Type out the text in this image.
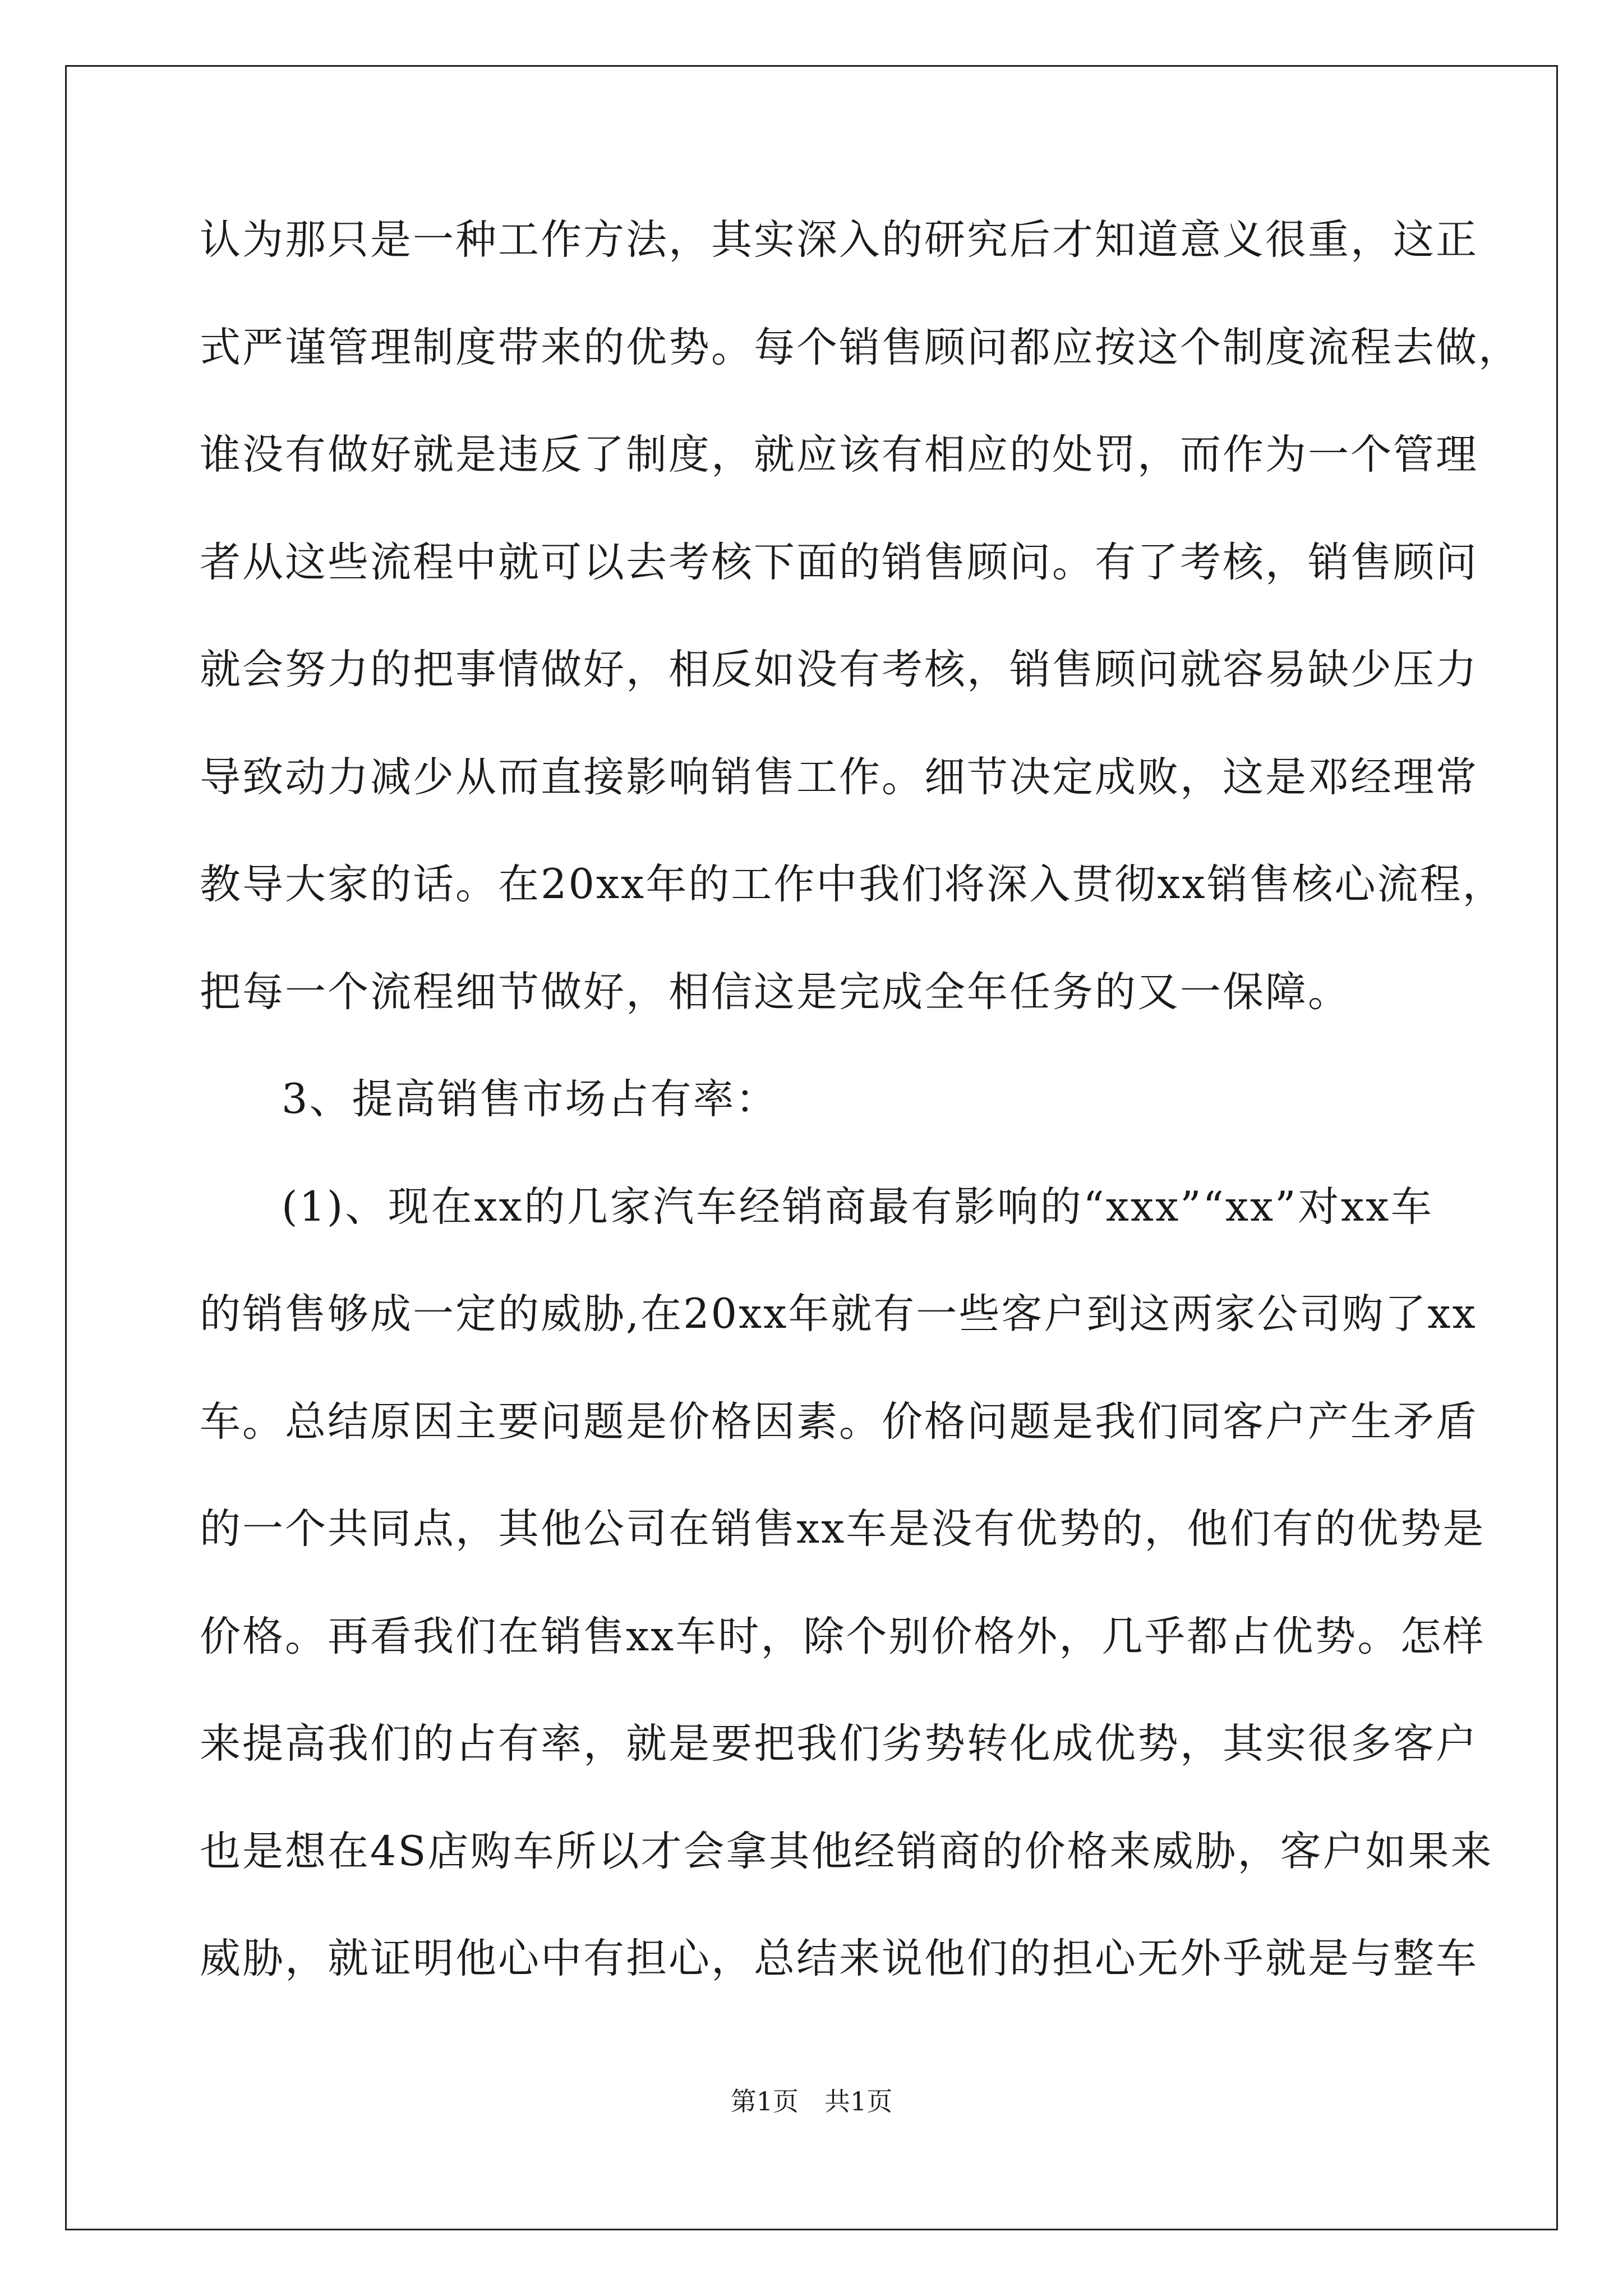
认为那只是一种工作方法，其实深入的研究后才知道意义很重，这正
式严谨管理制度带来的优势。每个销售顾问都应按这个制度流程去做，
谁没有做好就是违反了制度，就应该有相应的处罚，而作为一个管理
者从这些流程中就可以去考核下面的销售顾问。有了考核，销售顾问
就会努力的把事情做好，相反如没有考核，销售顾问就容易缺少压力
导致动力减少从而直接影响销售工作。细节决定成败，这是邓经理常
教导大家的话。在20xx年的工作中我们将深入贯彻xx销售核心流程，
把每一个流程细节做好，相信这是完成全年任务的又一保障。
3、提高销售市场占有率：
(1)、现在xx的几家汽车经销商最有影响的“xxx”“xx”对xx车
的销售够成一定的威胁,在20xx年就有一些客户到这两家公司购了xx
车。总结原因主要问题是价格因素。价格问题是我们同客户产生矛盾
的一个共同点，其他公司在销售xx车是没有优势的，他们有的优势是
价格。再看我们在销售xx车时，除个别价格外，几乎都占优势。怎样
来提高我们的占有率，就是要把我们劣势转化成优势，其实很多客户
也是想在4S店购车所以才会拿其他经销商的价格来威胁，客户如果来
威胁，就证明他心中有担心，总结来说他们的担心无外乎就是与整车
第1页　共1页
